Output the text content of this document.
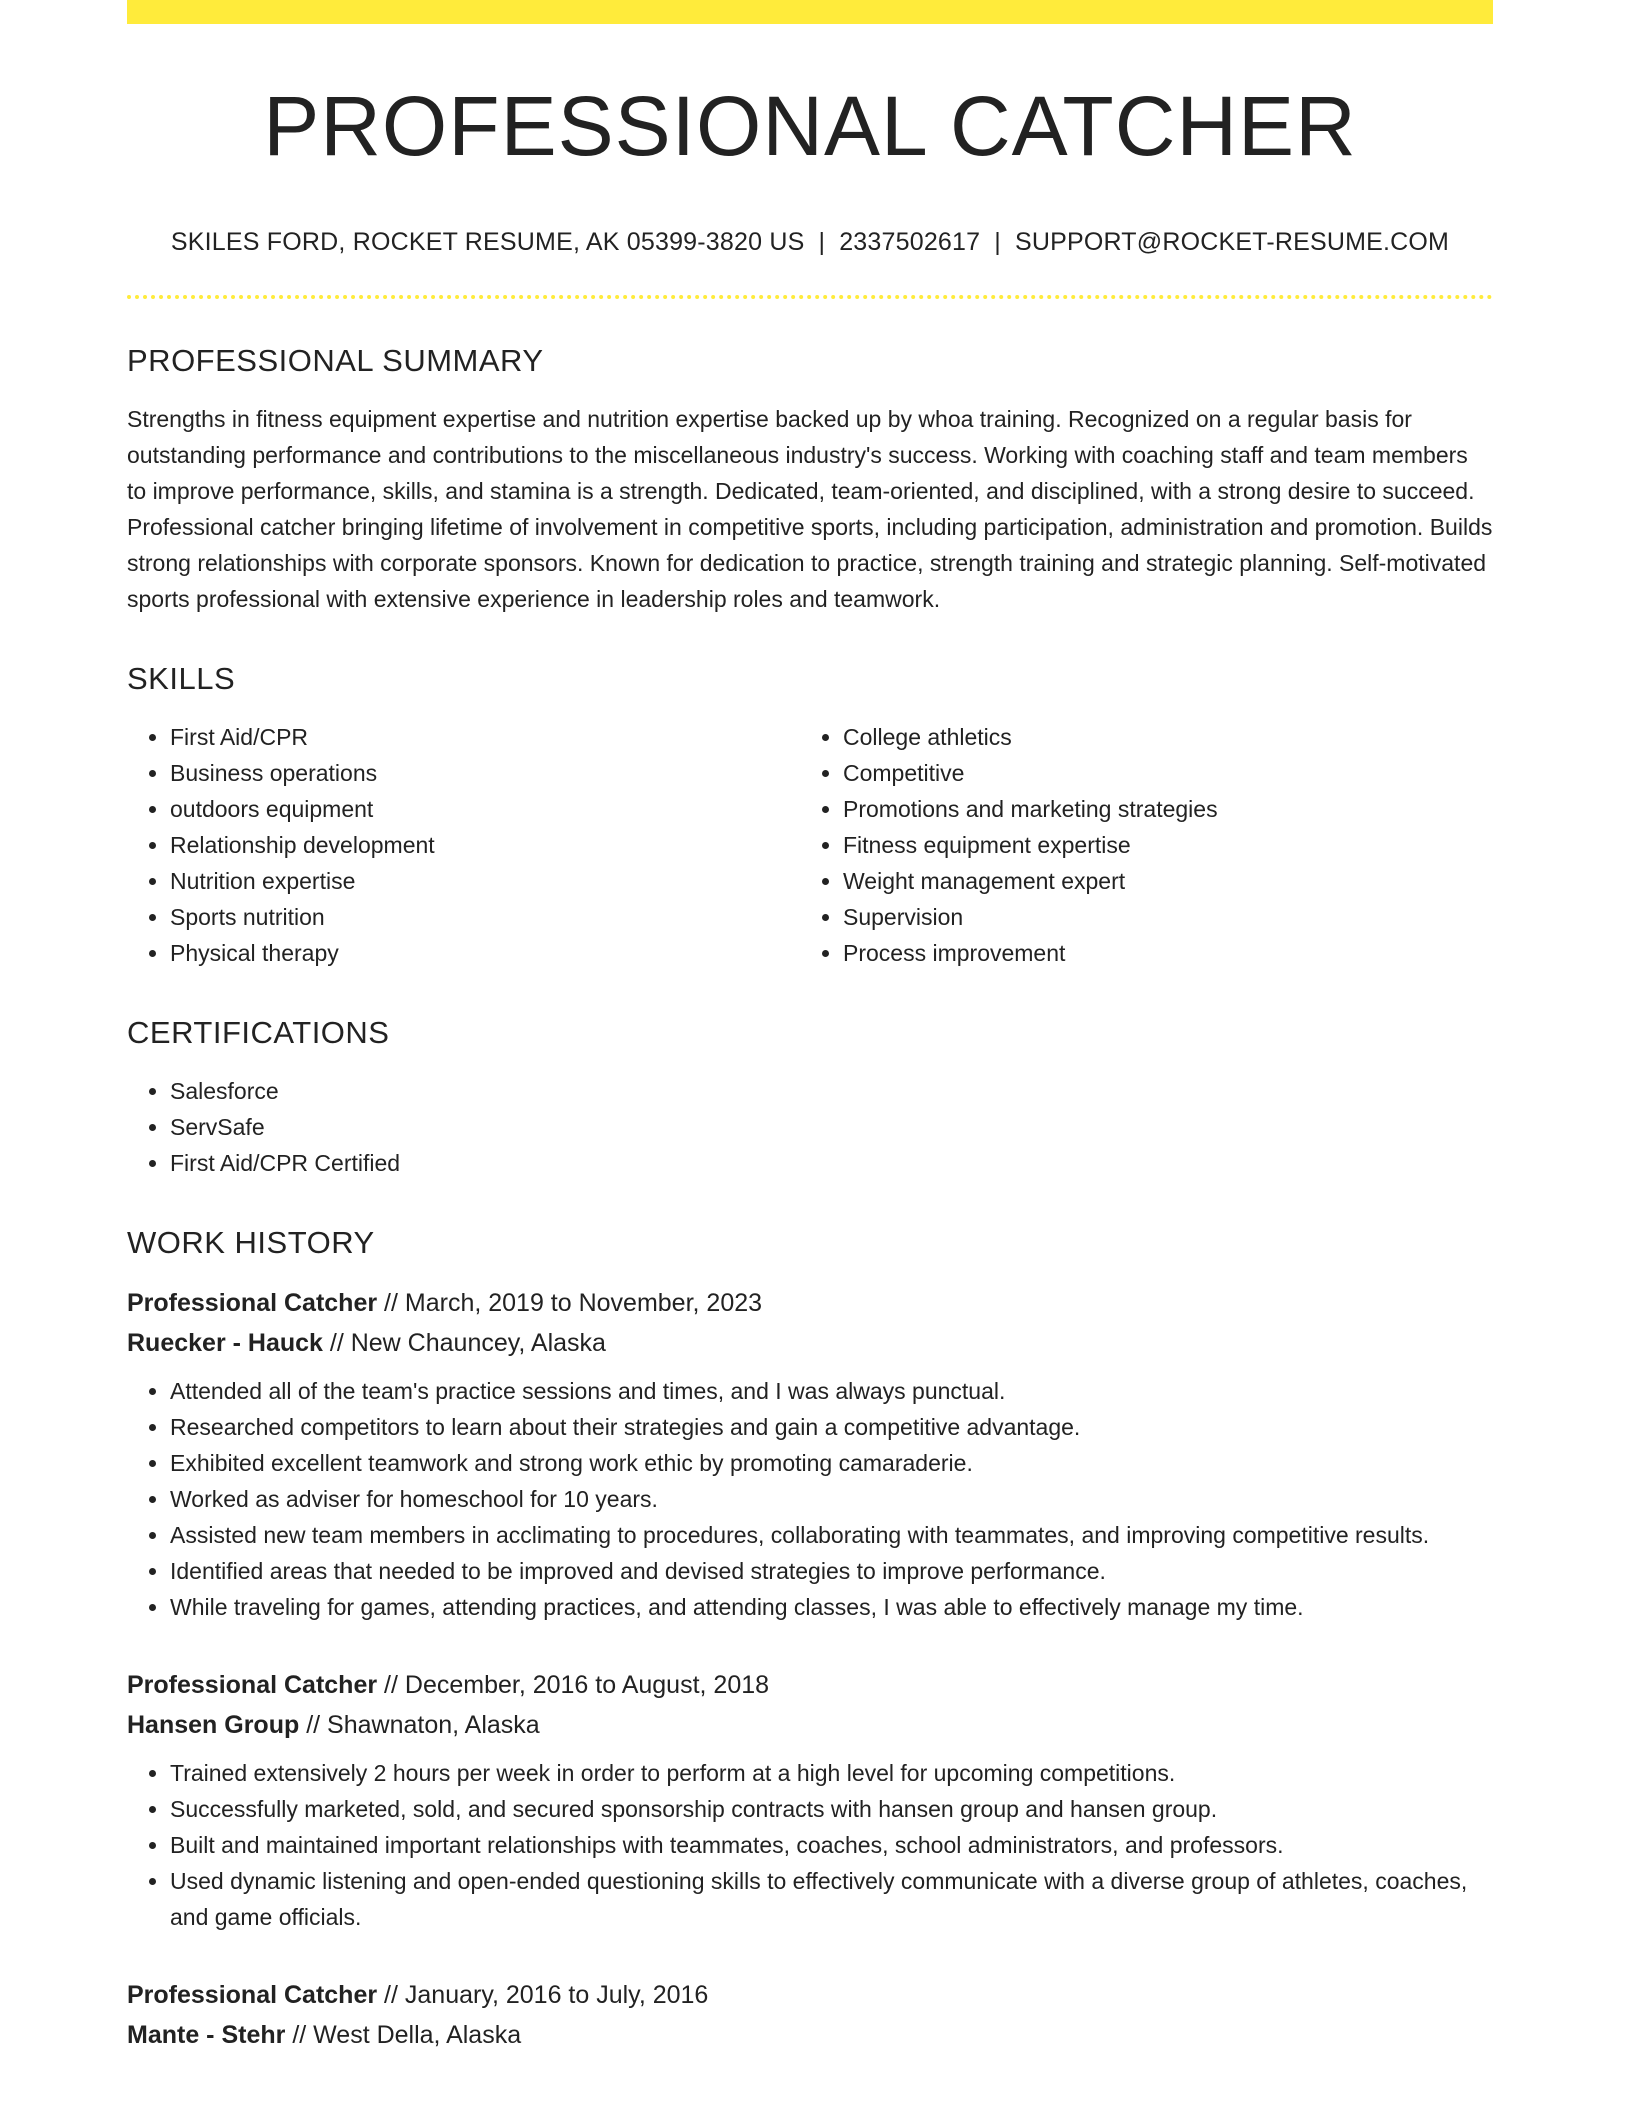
PROFESSIONAL CATCHER
SKILES FORD, ROCKET RESUME, AK 05399-3820 US | 2337502617 | SUPPORT@ROCKET-RESUME.COM
PROFESSIONAL SUMMARY

Strengths in fitness equipment expertise and nutrition expertise backed up by whoa training. Recognized on a regular basis for outstanding performance and contributions to the miscellaneous industry's success. Working with coaching staff and team members to improve performance, skills, and stamina is a strength. Dedicated, team-oriented, and disciplined, with a strong desire to succeed. Professional catcher bringing lifetime of involvement in competitive sports, including participation, administration and promotion. Builds strong relationships with corporate sponsors. Known for dedication to practice, strength training and strategic planning. Self-motivated sports professional with extensive experience in leadership roles and teamwork.

SKILLS
• First Aid/CPR
• Business operations
• outdoors equipment
• Relationship development
• Nutrition expertise
• Sports nutrition
• Physical therapy
• College athletics
• Competitive
• Promotions and marketing strategies
• Fitness equipment expertise
• Weight management expert
• Supervision
• Process improvement
CERTIFICATIONS
• Salesforce
• ServSafe
• First Aid/CPR Certified
WORK HISTORY
Professional Catcher // March, 2019 to November, 2023
Ruecker - Hauck // New Chauncey, Alaska
• Attended all of the team's practice sessions and times, and I was always punctual.
• Researched competitors to learn about their strategies and gain a competitive advantage.
• Exhibited excellent teamwork and strong work ethic by promoting camaraderie.
• Worked as adviser for homeschool for 10 years.
• Assisted new team members in acclimating to procedures, collaborating with teammates, and improving competitive results.
• Identified areas that needed to be improved and devised strategies to improve performance.
• While traveling for games, attending practices, and attending classes, I was able to effectively manage my time.
Professional Catcher // December, 2016 to August, 2018
Hansen Group // Shawnaton, Alaska
• Trained extensively 2 hours per week in order to perform at a high level for upcoming competitions.
• Successfully marketed, sold, and secured sponsorship contracts with hansen group and hansen group.
• Built and maintained important relationships with teammates, coaches, school administrators, and professors.
• Used dynamic listening and open-ended questioning skills to effectively communicate with a diverse group of athletes, coaches, and game officials.
Professional Catcher // January, 2016 to July, 2016
Mante - Stehr // West Della, Alaska
